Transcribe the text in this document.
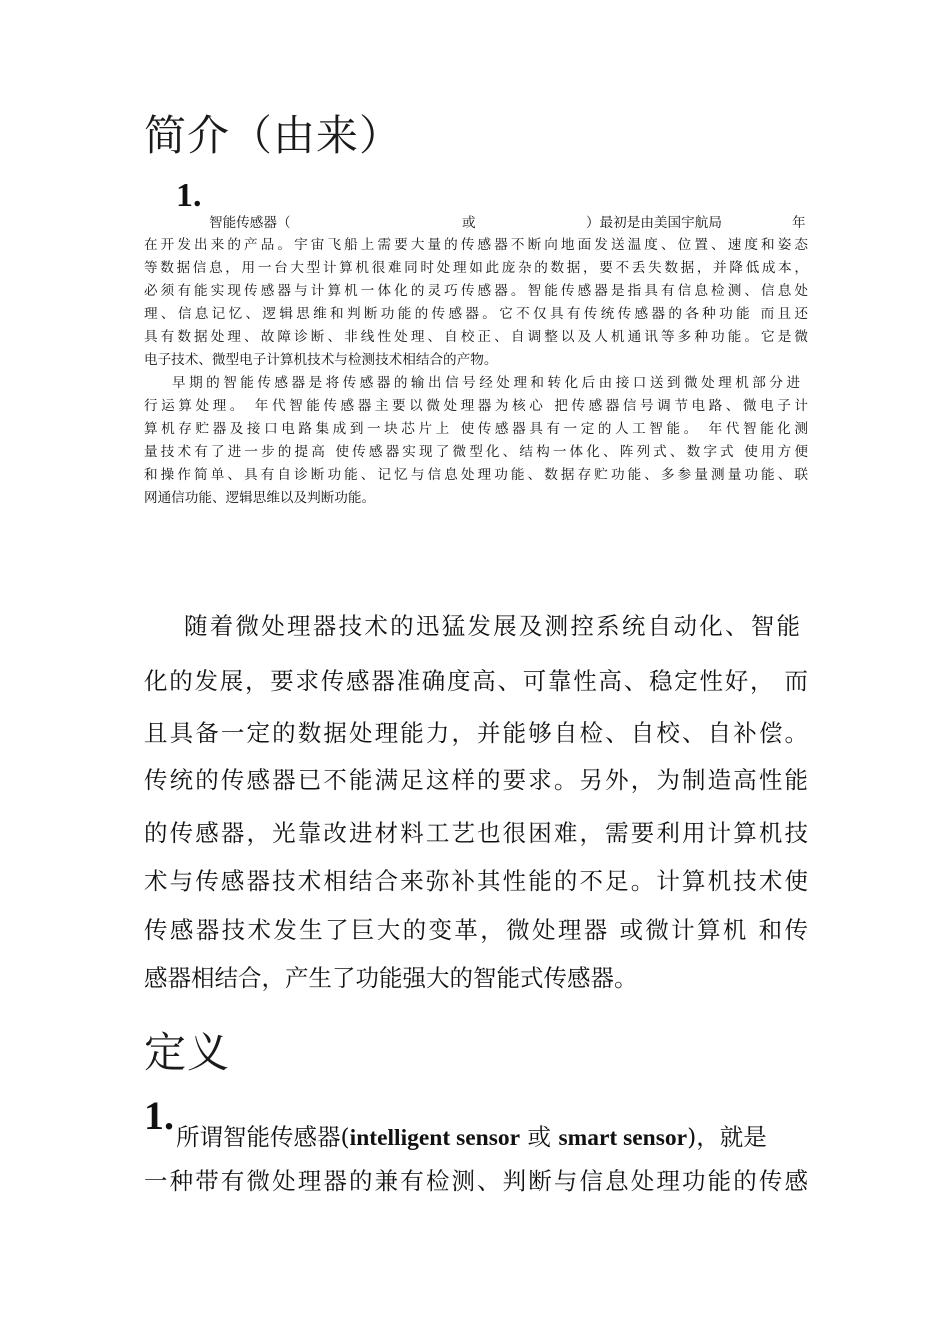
简介（由来）
1.
智能传感器（	或	）最初是由美国宇航局	年
在开发出来的产品。宇宙飞船上需要大量的传感器不断向地面发送温度、位置、速度和姿态
等数据信息，用一台大型计算机很难同时处理如此庞杂的数据，要不丢失数据，并降低成本，
必须有能实现传感器与计算机一体化的灵巧传感器。智能传感器是指具有信息检测、信息处
理、信息记忆、逻辑思维和判断功能的传感器。它不仅具有传统传感器的各种功能 而且还
具有数据处理、故障诊断、非线性处理、自校正、自调整以及人机通讯等多种功能。它是微
电子技术、微型电子计算机技术与检测技术相结合的产物。
早期的智能传感器是将传感器的输出信号经处理和转化后由接口送到微处理机部分进
行运算处理。 年代智能传感器主要以微处理器为核心 把传感器信号调节电路、微电子计
算机存贮器及接口电路集成到一块芯片上 使传感器具有一定的人工智能。 年代智能化测
量技术有了进一步的提高 使传感器实现了微型化、结构一体化、阵列式、数字式 使用方便
和操作简单、具有自诊断功能、记忆与信息处理功能、数据存贮功能、多参量测量功能、联
网通信功能、逻辑思维以及判断功能。
随着微处理器技术的迅猛发展及测控系统自动化、智能
化的发展，要求传感器准确度高、可靠性高、稳定性好， 而
且具备一定的数据处理能力，并能够自检、自校、自补偿。
传统的传感器已不能满足这样的要求。另外，为制造高性能
的传感器，光靠改进材料工艺也很困难，需要利用计算机技
术与传感器技术相结合来弥补其性能的不足。计算机技术使
传感器技术发生了巨大的变革，微处理器 或微计算机 和传
感器相结合，产生了功能强大的智能式传感器。
定义
1. 所谓智能传感器(intelligent sensor 或 smart sensor)，就是
一种带有微处理器的兼有检测、判断与信息处理功能的传感
